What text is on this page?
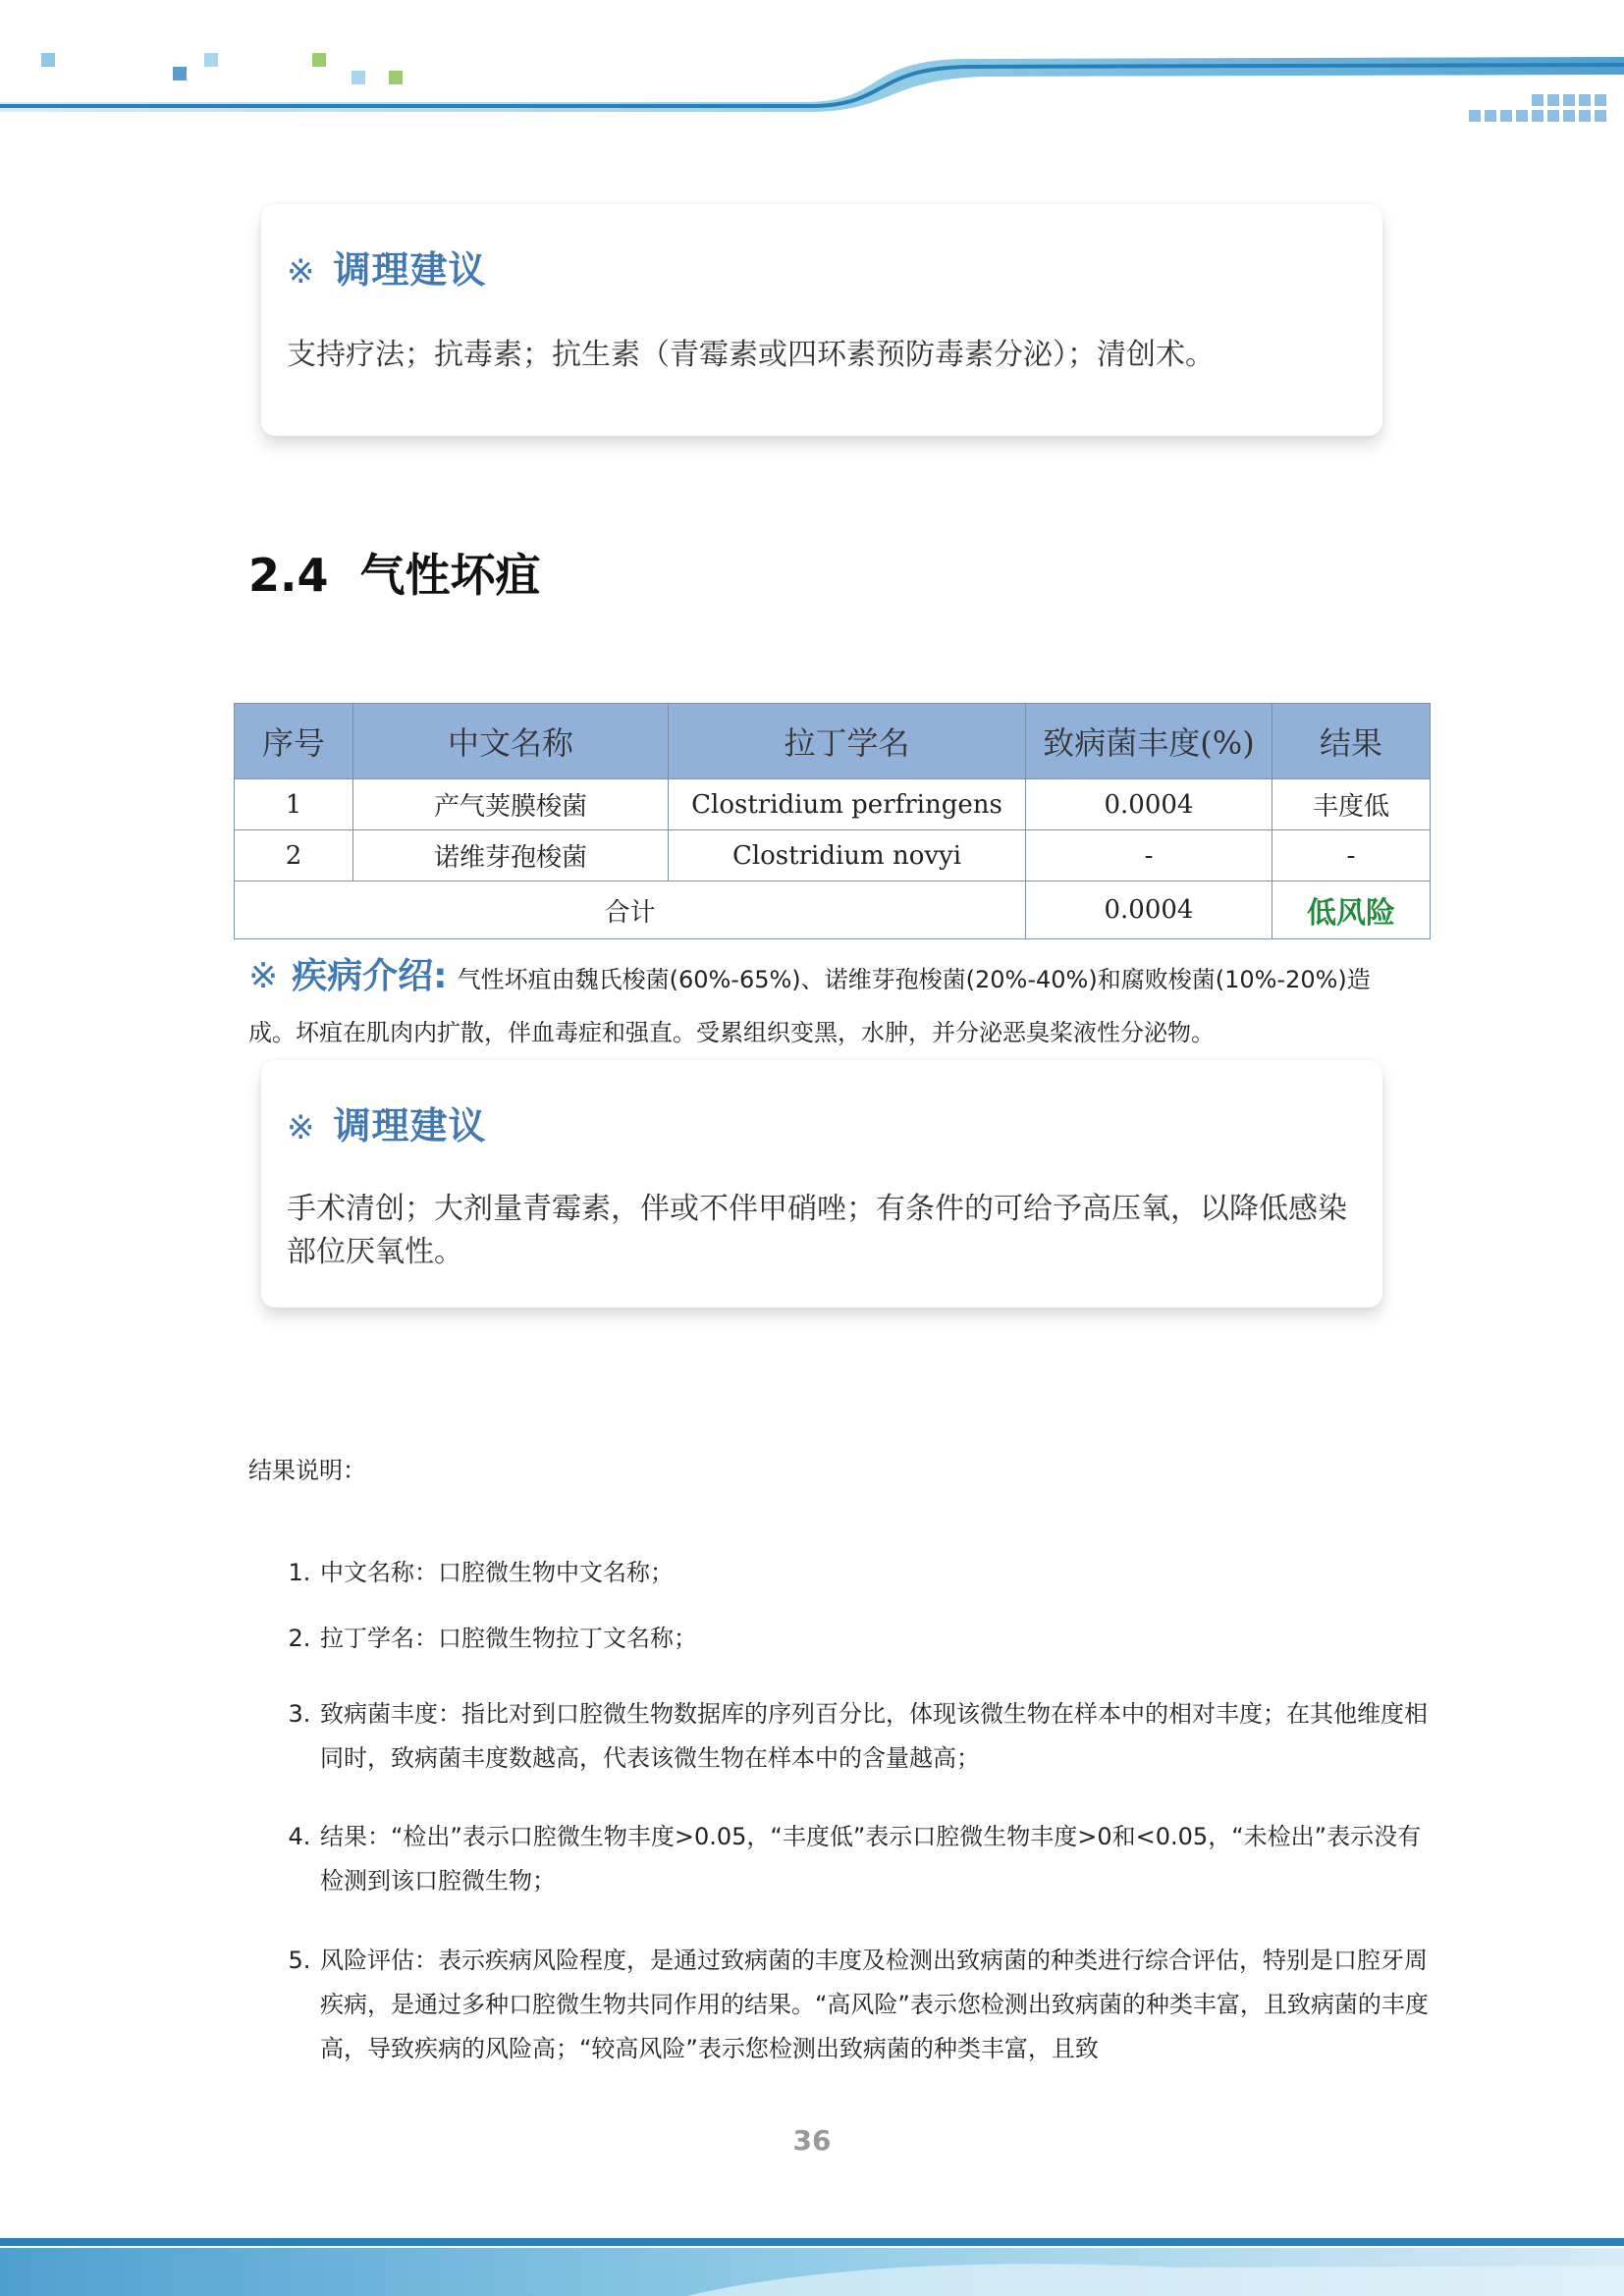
※ 调理建议
支持疗法；抗毒素；抗生素（青霉素或四环素预防毒素分泌）；清创术。
2.4  气性坏疽
序号	中文名称	拉丁学名	致病菌丰度(%)	结果
1	产气荚膜梭菌	Clostridium perfringens	0.0004	丰度低
2	诺维芽孢梭菌	Clostridium novyi	-	-
合计			0.0004	低风险
※ 疾病介绍: 气性坏疽由魏氏梭菌(60%-65%)、诺维芽孢梭菌(20%-40%)和腐败梭菌(10%-20%)造成。坏疽在肌肉内扩散，伴血毒症和强直。受累组织变黑，水肿，并分泌恶臭桨液性分泌物。
※ 调理建议
手术清创；大剂量青霉素，伴或不伴甲硝唑；有条件的可给予高压氧，以降低感染部位厌氧性。
结果说明：
1. 中文名称：口腔微生物中文名称；
2. 拉丁学名：口腔微生物拉丁文名称；
3. 致病菌丰度：指比对到口腔微生物数据库的序列百分比，体现该微生物在样本中的相对丰度；在其他维度相同时，致病菌丰度数越高，代表该微生物在样本中的含量越高；
4. 结果：“检出”表示口腔微生物丰度>0.05，“丰度低”表示口腔微生物丰度>0和<0.05，“未检出”表示没有检测到该口腔微生物；
5. 风险评估：表示疾病风险程度，是通过致病菌的丰度及检测出致病菌的种类进行综合评估，特别是口腔牙周疾病，是通过多种口腔微生物共同作用的结果。“高风险”表示您检测出致病菌的种类丰富，且致病菌的丰度高，导致疾病的风险高；“较高风险”表示您检测出致病菌的种类丰富，且致
36
